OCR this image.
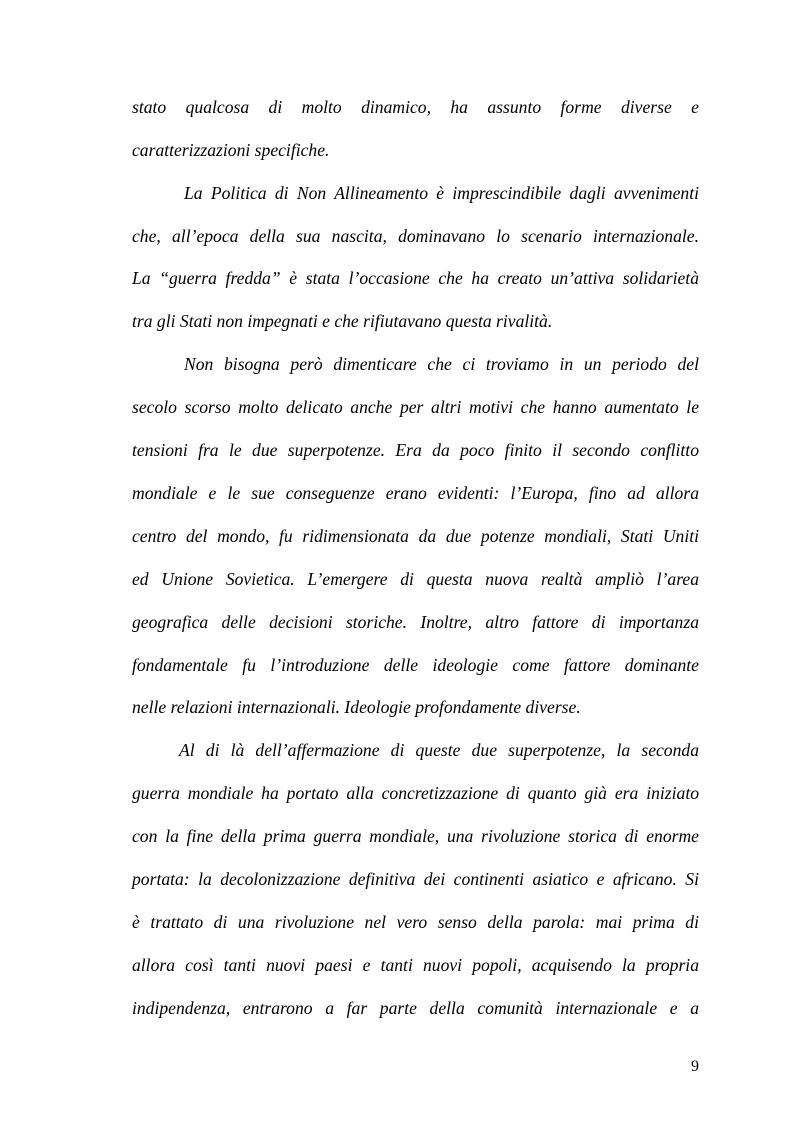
stato qualcosa di molto dinamico, ha assunto forme diverse e
caratterizzazioni specifiche.
La Politica di Non Allineamento è imprescindibile dagli avvenimenti
che, all’epoca della sua nascita, dominavano lo scenario internazionale.
La “guerra fredda” è stata l’occasione che ha creato un’attiva solidarietà
tra gli Stati non impegnati e che rifiutavano questa rivalità.
Non bisogna però dimenticare che ci troviamo in un periodo del
secolo scorso molto delicato anche per altri motivi che hanno aumentato le
tensioni fra le due superpotenze. Era da poco finito il secondo conflitto
mondiale e le sue conseguenze erano evidenti: l’Europa, fino ad allora
centro del mondo, fu ridimensionata da due potenze mondiali, Stati Uniti
ed Unione Sovietica. L’emergere di questa nuova realtà ampliò l’area
geografica delle decisioni storiche. Inoltre, altro fattore di importanza
fondamentale fu l’introduzione delle ideologie come fattore dominante
nelle relazioni internazionali. Ideologie profondamente diverse.
Al di là dell’affermazione di queste due superpotenze, la seconda
guerra mondiale ha portato alla concretizzazione di quanto già era iniziato
con la fine della prima guerra mondiale, una rivoluzione storica di enorme
portata: la decolonizzazione definitiva dei continenti asiatico e africano. Si
è trattato di una rivoluzione nel vero senso della parola: mai prima di
allora così tanti nuovi paesi e tanti nuovi popoli, acquisendo la propria
indipendenza, entrarono a far parte della comunità internazionale e a
9
